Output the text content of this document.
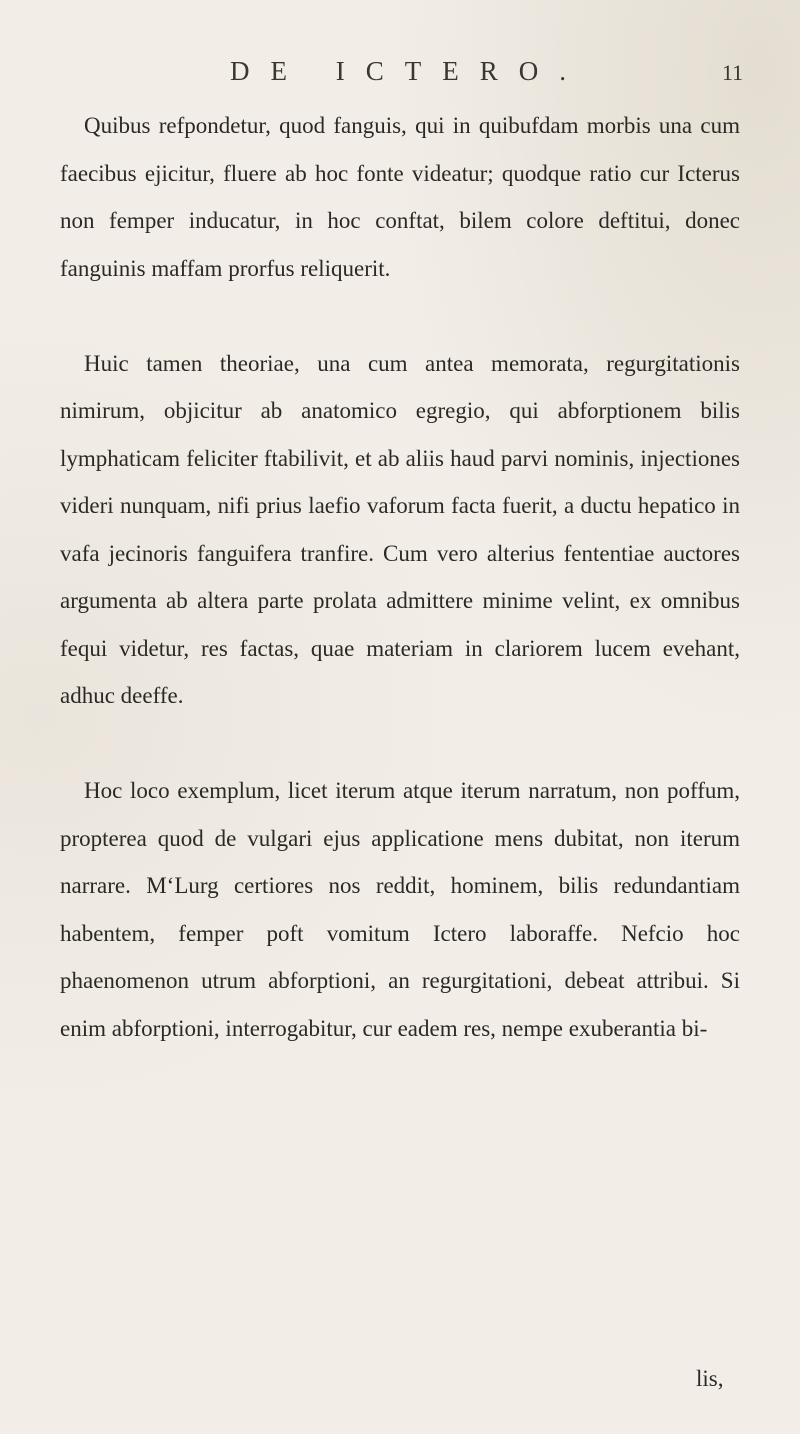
DE ICTERO.	11

Quibus refpondetur, quod fanguis, qui in quibufdam morbis una cum faecibus ejicitur, fluere ab hoc fonte videatur; quodque ratio cur Icterus non femper inducatur, in hoc conftat, bilem colore deftitui, donec fanguinis maffam prorfus reliquerit.

Huic tamen theoriae, una cum antea memorata, regurgitationis nimirum, objicitur ab anatomico egregio, qui abforptionem bilis lymphaticam feliciter ftabilivit, et ab aliis haud parvi nominis, injectiones videri nunquam, nifi prius laefio vaforum facta fuerit, a ductu hepatico in vafa jecinoris fanguifera tranfire. Cum vero alterius fententiae auctores argumenta ab altera parte prolata admittere minime velint, ex omnibus fequi videtur, res factas, quae materiam in clariorem lucem evehant, adhuc deeffe.

Hoc loco exemplum, licet iterum atque iterum narratum, non poffum, propterea quod de vulgari ejus applicatione mens dubitat, non iterum narrare. M‘Lurg certiores nos reddit, hominem, bilis redundantiam habentem, femper poft vomitum Ictero laboraffe. Nefcio hoc phaenomenon utrum abforptioni, an regurgitationi, debeat attribui. Si enim abforptioni, interrogabitur, cur eadem res, nempe exuberantia bi-

lis,
